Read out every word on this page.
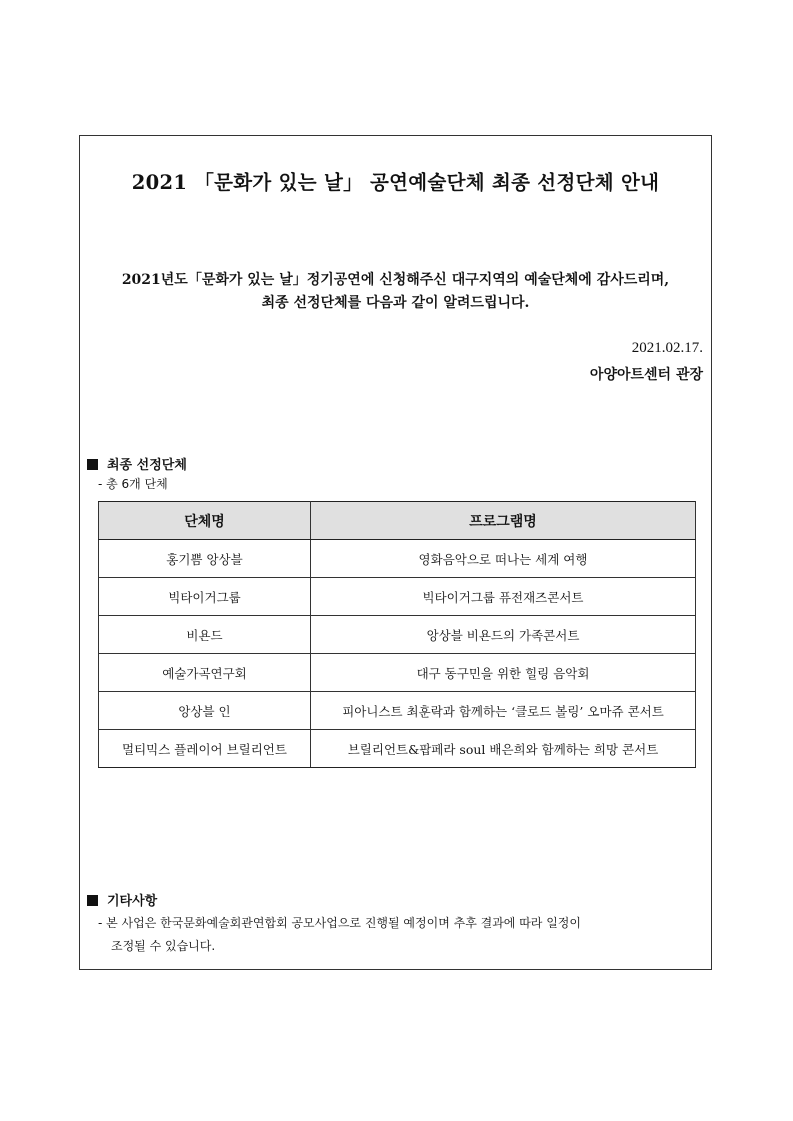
2021 「문화가 있는 날」 공연예술단체 최종 선정단체 안내
2021년도「문화가 있는 날」정기공연에 신청해주신 대구지역의 예술단체에 감사드리며,
최종 선정단체를 다음과 같이 알려드립니다.
2021.02.17.
아양아트센터 관장
최종 선정단체
- 총 6개 단체
단체명	프로그램명
홍기쁨 앙상블	영화음악으로 떠나는 세계 여행
빅타이거그룹	빅타이거그룹 퓨전재즈콘서트
비욘드	앙상블 비욘드의 가족콘서트
예술가곡연구회	대구 동구민을 위한 힐링 음악회
앙상블 인	피아니스트 최훈락과 함께하는 ‘클로드 볼링’ 오마쥬 콘서트
멀티믹스 플레이어 브릴리언트	브릴리언트&팝페라 soul 배은희와 함께하는 희망 콘서트
기타사항
- 본 사업은 한국문화예술회관연합회 공모사업으로 진행될 예정이며 추후 결과에 따라 일정이
조정될 수 있습니다.
